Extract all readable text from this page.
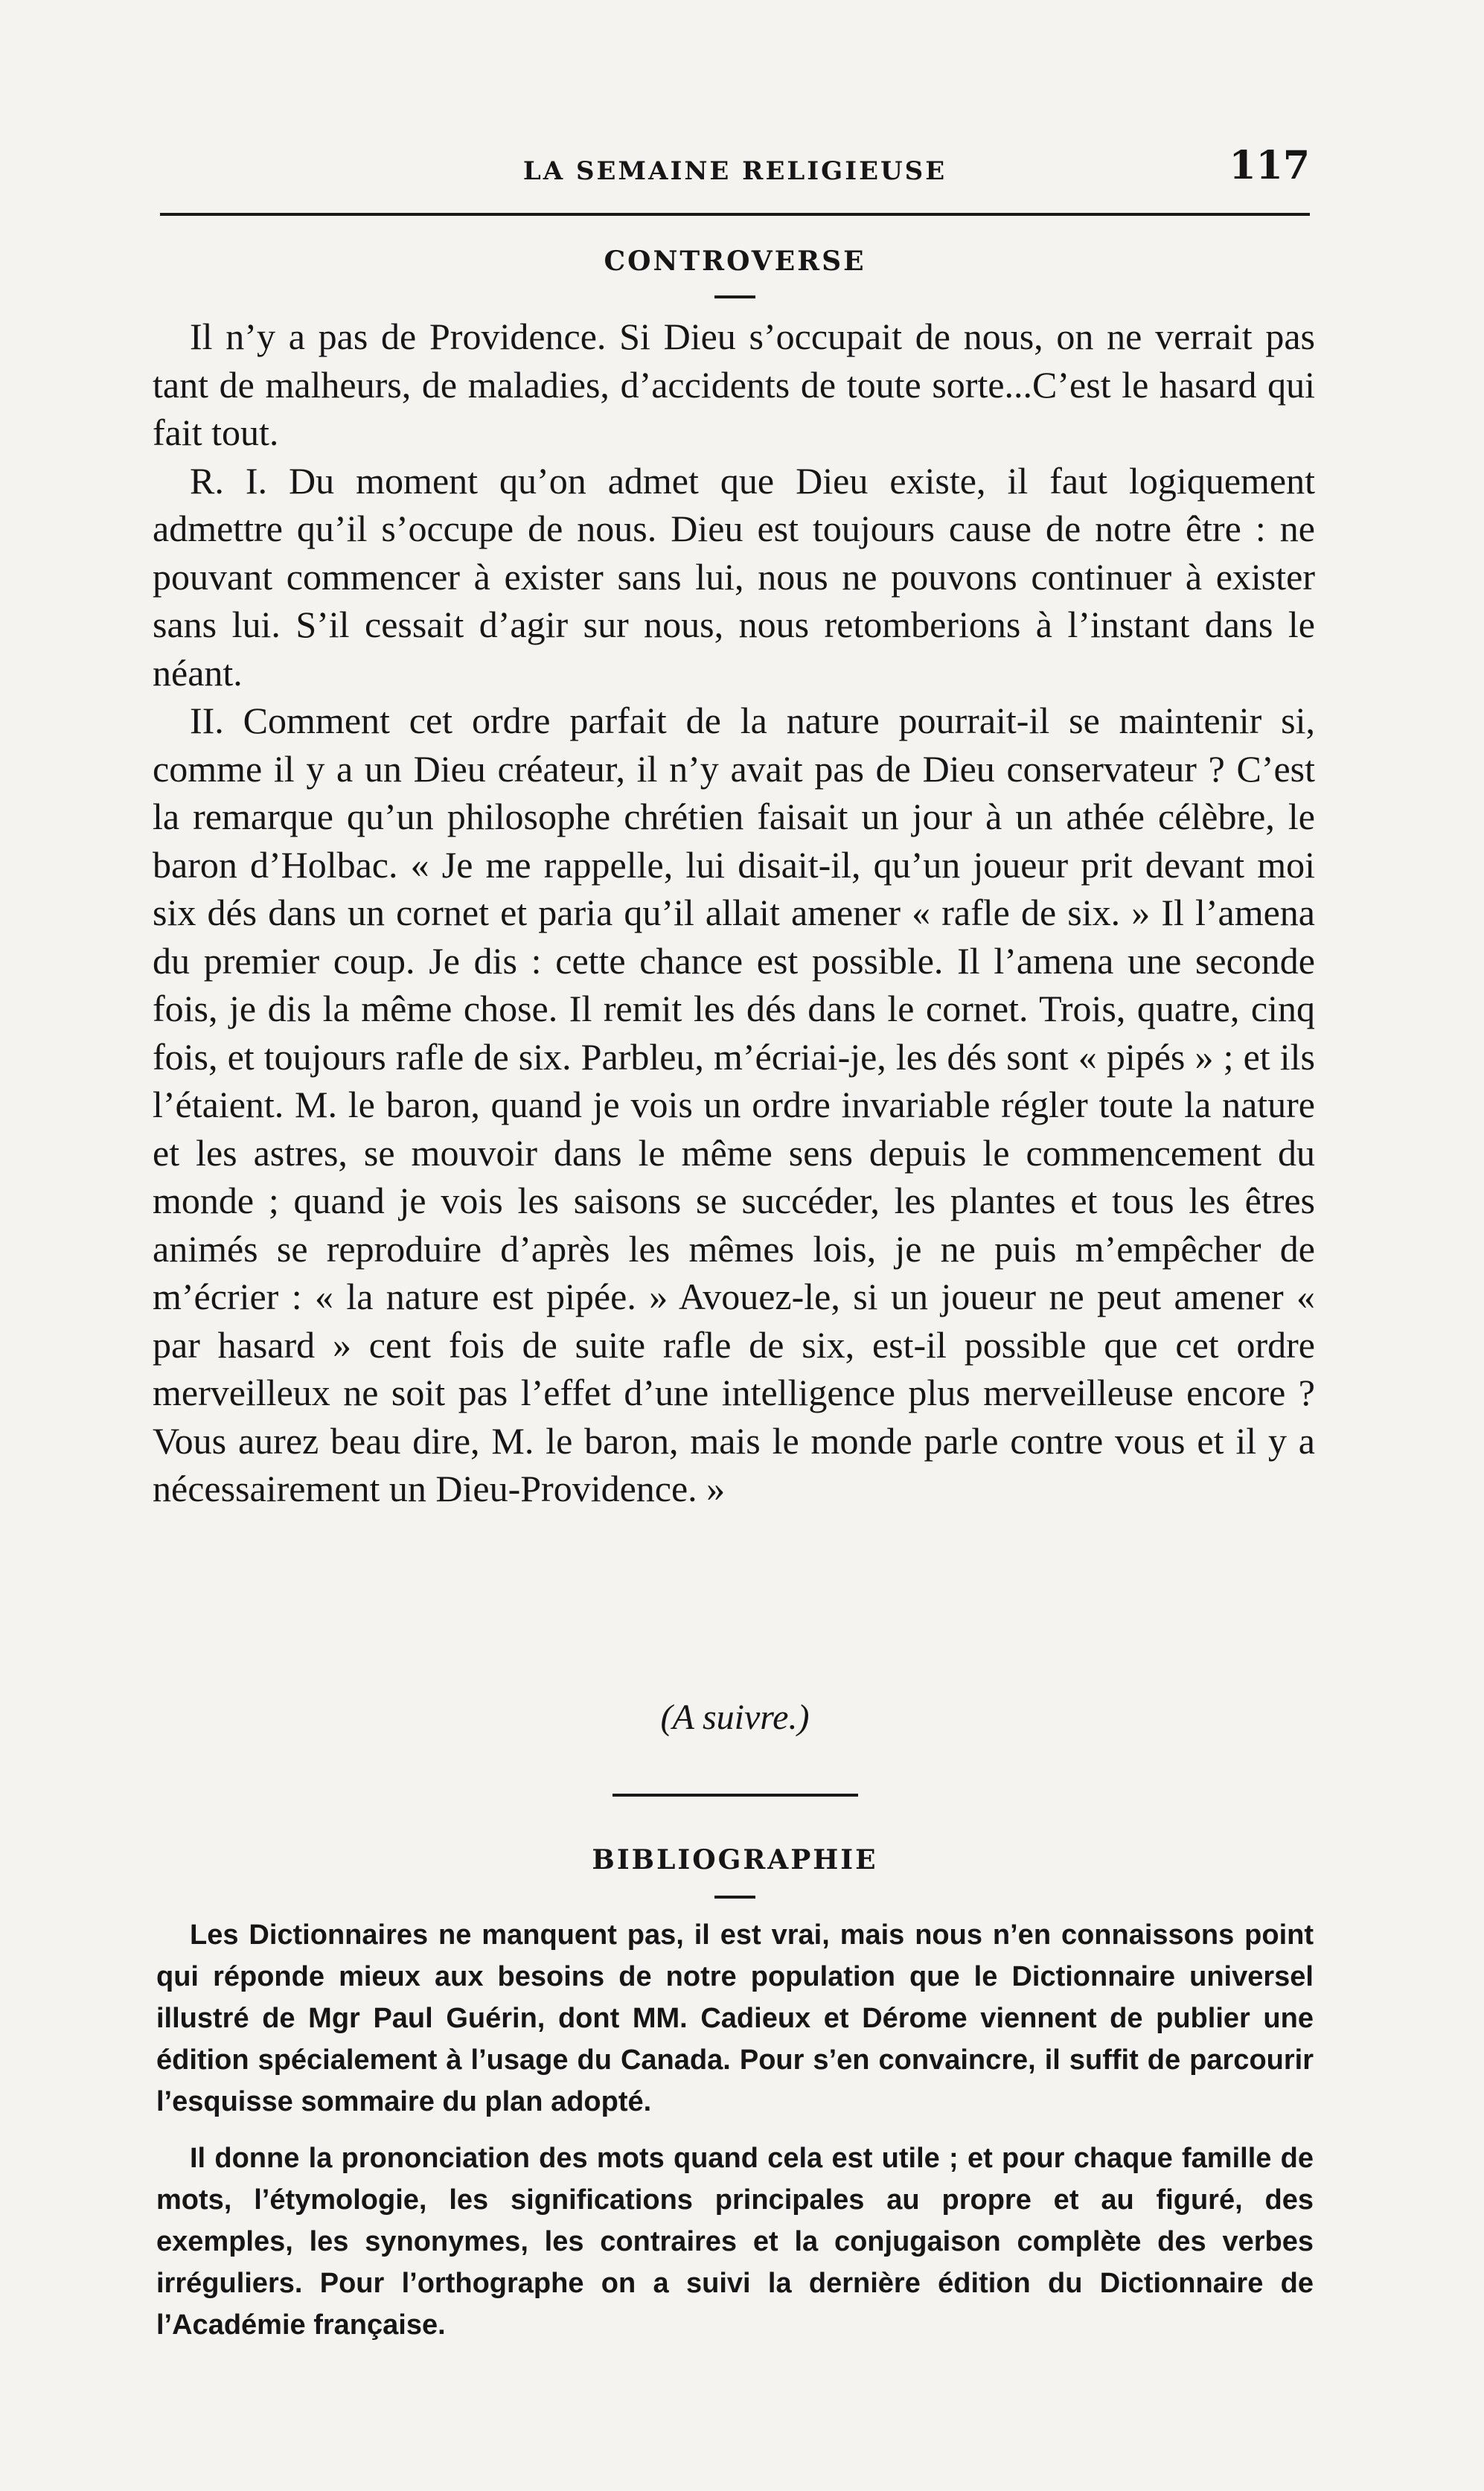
LA SEMAINE RELIGIEUSE	117
CONTROVERSE

Il n’y a pas de Providence. Si Dieu s’occupait de nous, on ne verrait pas tant de malheurs, de maladies, d’accidents de toute sorte...C’est le hasard qui fait tout.

R. I. Du moment qu’on admet que Dieu existe, il faut logiquement admettre qu’il s’occupe de nous. Dieu est toujours cause de notre être : ne pouvant commencer à exister sans lui, nous ne pouvons continuer à exister sans lui. S’il cessait d’agir sur nous, nous retomberions à l’instant dans le néant.

II. Comment cet ordre parfait de la nature pourrait-il se maintenir si, comme il y a un Dieu créateur, il n’y avait pas de Dieu conservateur ? C’est la remarque qu’un philosophe chrétien faisait un jour à un athée célèbre, le baron d’Holbac. « Je me rappelle, lui disait-il, qu’un joueur prit devant moi six dés dans un cornet et paria qu’il allait amener « rafle de six. » Il l’amena du premier coup. Je dis : cette chance est possible. Il l’amena une seconde fois, je dis la même chose. Il remit les dés dans le cornet. Trois, quatre, cinq fois, et toujours rafle de six. Parbleu, m’écriai-je, les dés sont « pipés » ; et ils l’étaient. M. le baron, quand je vois un ordre invariable régler toute la nature et les astres, se mouvoir dans le même sens depuis le commencement du monde ; quand je vois les saisons se succéder, les plantes et tous les êtres animés se reproduire d’après les mêmes lois, je ne puis m’empêcher de m’écrier : « la nature est pipée. » Avouez-le, si un joueur ne peut amener « par hasard » cent fois de suite rafle de six, est-il possible que cet ordre merveilleux ne soit pas l’effet d’une intelligence plus merveilleuse encore ? Vous aurez beau dire, M. le baron, mais le monde parle contre vous et il y a nécessairement un Dieu-Providence. »

(A suivre.)
BIBLIOGRAPHIE

Les Dictionnaires ne manquent pas, il est vrai, mais nous n’en connaissons point qui réponde mieux aux besoins de notre population que le Dictionnaire universel illustré de Mgr Paul Guérin, dont MM. Cadieux et Dérome viennent de publier une édition spécialement à l’usage du Canada. Pour s’en convaincre, il suffit de parcourir l’esquisse sommaire du plan adopté.

Il donne la prononciation des mots quand cela est utile ; et pour chaque famille de mots, l’étymologie, les significations principales au propre et au figuré, des exemples, les synonymes, les contraires et la conjugaison complète des verbes irréguliers. Pour l’orthographe on a suivi la dernière édition du Dictionnaire de l’Académie française.
